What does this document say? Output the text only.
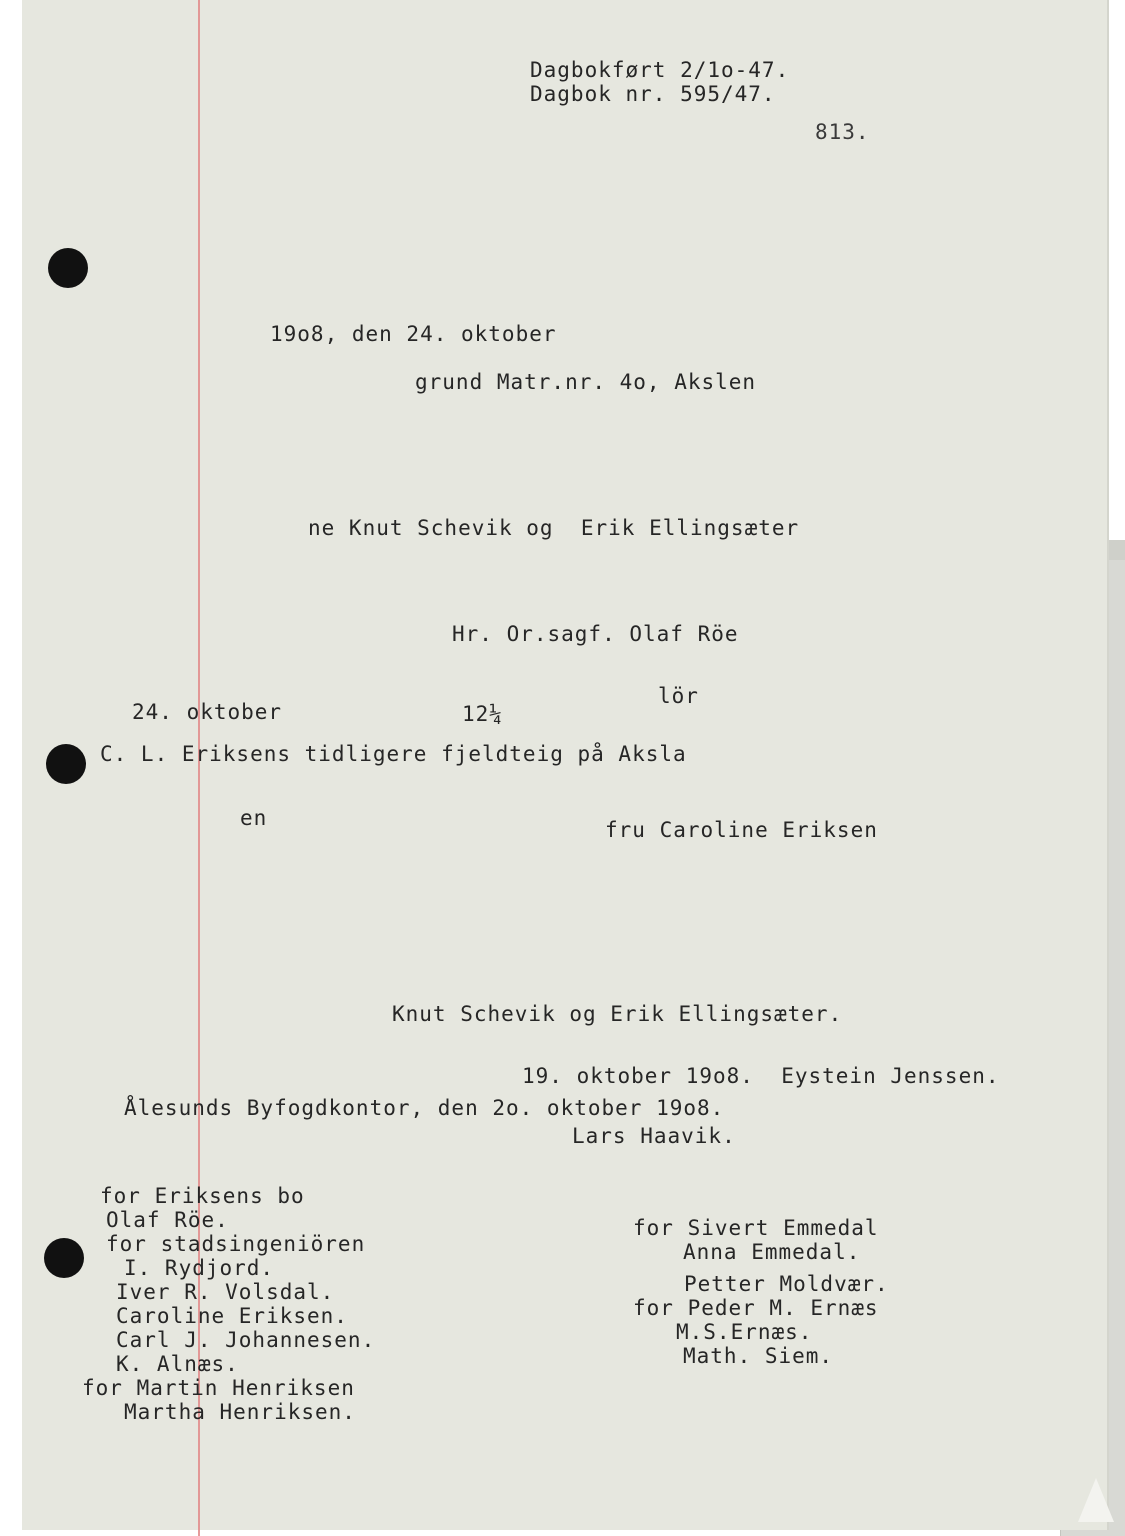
Dagbokført 2/1o-47.
Dagbok nr. 595/47.
813.
19o8, den 24. oktober
grund Matr.nr. 4o, Akslen
ne Knut Schevik og  Erik Ellingsæter
Hr. Or.sagf. Olaf Röe
lör
24. oktober	12¼
C. L. Eriksens tidligere fjeldteig på Aksla
en	fru Caroline Eriksen
Knut Schevik og Erik Ellingsæter.
19. oktober 19o8.  Eystein Jenssen.
Ålesunds Byfogdkontor, den 2o. oktober 19o8.
Lars Haavik.
for Eriksens bo
Olaf Röe.
for stadsingeniören
I. Rydjord.
Iver R. Volsdal.
Caroline Eriksen.
Carl J. Johannesen.
K. Alnæs.
for Martin Henriksen
Martha Henriksen.
for Sivert Emmedal
Anna Emmedal.
Petter Moldvær.
for Peder M. Ernæs
M.S.Ernæs.
Math. Siem.
